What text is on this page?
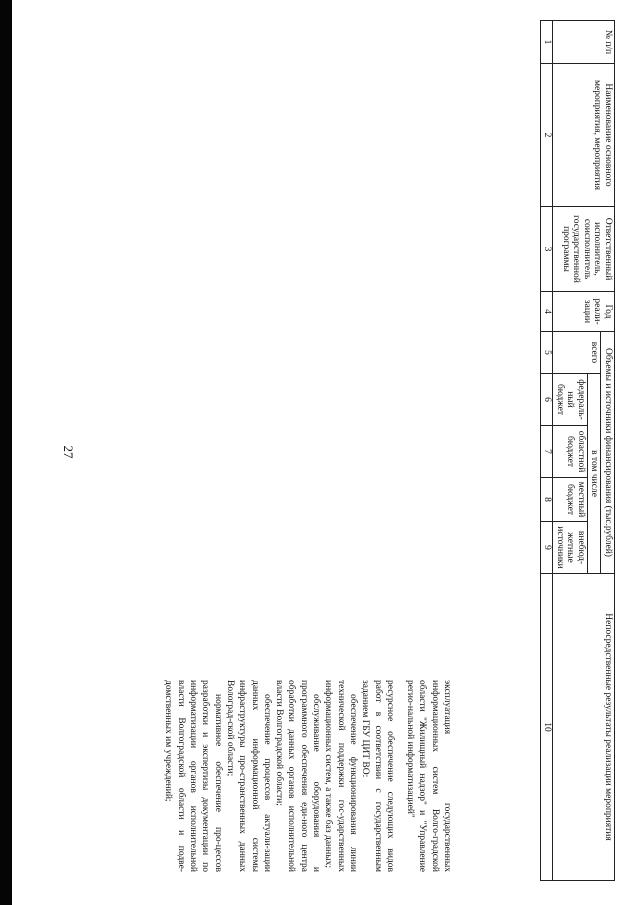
27
№ п/п	Наименование основного мероприятия, мероприятия	Ответственный исполнитель, соисполнитель государственной программы	Год реали-зации	Объемы и источники финансирования (тыс.рублей)					Непосредственные результаты реализации мероприятия
				всего	в том числе				
					федераль-ный бюджет	областной бюджет	местный бюджет	внебюд-жетные источники	
1	2	3	4	5	6	7	8	9	10

эксплуатация государственных информационных систем Волго-градской области "Жилищный надзор" и "Управление регио-нальной информатизацией"

ресурсное обеспечение следующих видов работ в соответствии с государственным заданием ГБУ ЦИТ ВО:

обеспечение функционирования линии технической поддержки гос-ударственных информационных систем, а также баз данных;

обслуживание оборудования и программного обеспечения еди-ного центра обработки данных органов исполнительной власти Волгоградской области;

обеспечение процессов актуали-зации данных информационной системы инфраструктуры про-странственных данных Волоград-ской области;

нормативное обеспечение про-цессов разработки и экспертизы документации по информатизации органов исполнительной власти Волгоградской области и подве-домственных им учреждений;
